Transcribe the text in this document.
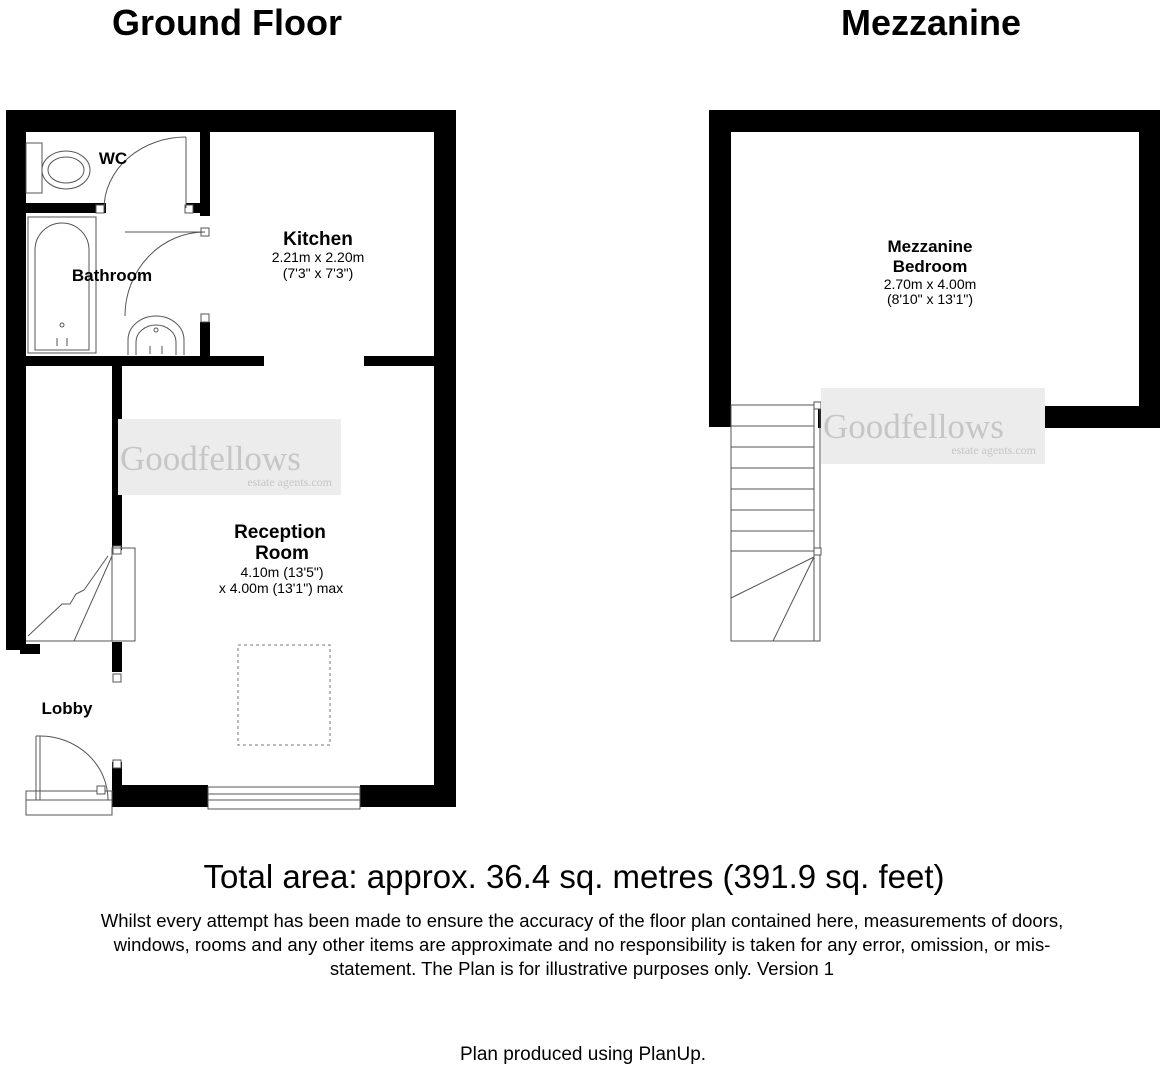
Ground Floor	Mezzanine
Goodfellows
estate agents.com
WC
Bathroom
Kitchen
2.21m x 2.20m
(7'3" x 7'3")
Reception
Room
4.10m (13'5")
x 4.00m (13'1") max
Lobby
Goodfellows
estate agents.com
Mezzanine
Bedroom
2.70m x 4.00m
(8'10" x 13'1")
Total area: approx. 36.4 sq. metres (391.9 sq. feet)
Whilst every attempt has been made to ensure the accuracy of the floor plan contained here, measurements of doors, windows, rooms and any other items are approximate and no responsibility is taken for any error, omission, or mis-statement. The Plan is for illustrative purposes only. Version 1
Plan produced using PlanUp.
